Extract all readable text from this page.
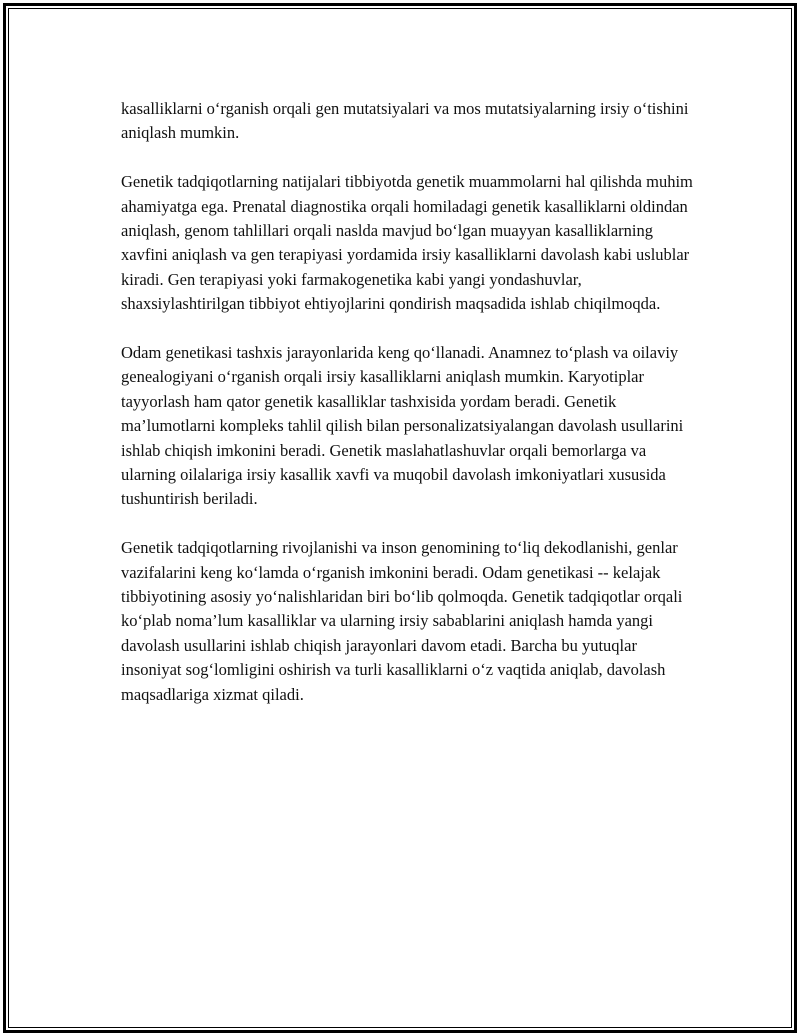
kasalliklarni o‘rganish orqali gen mutatsiyalari va mos mutatsiyalarning irsiy o‘tishini aniqlash mumkin.

Genetik tadqiqotlarning natijalari tibbiyotda genetik muammolarni hal qilishda muhim ahamiyatga ega. Prenatal diagnostika orqali homiladagi genetik kasalliklarni oldindan aniqlash, genom tahlillari orqali naslda mavjud bo‘lgan muayyan kasalliklarning xavfini aniqlash va gen terapiyasi yordamida irsiy kasalliklarni davolash kabi uslublar kiradi. Gen terapiyasi yoki farmakogenetika kabi yangi yondashuvlar, shaxsiylashtirilgan tibbiyot ehtiyojlarini qondirish maqsadida ishlab chiqilmoqda.

Odam genetikasi tashxis jarayonlarida keng qo‘llanadi. Anamnez to‘plash va oilaviy genealogiyani o‘rganish orqali irsiy kasalliklarni aniqlash mumkin. Karyotiplar tayyorlash ham qator genetik kasalliklar tashxisida yordam beradi. Genetik ma’lumotlarni kompleks tahlil qilish bilan personalizatsiyalangan davolash usullarini ishlab chiqish imkonini beradi. Genetik maslahatlashuvlar orqali bemorlarga va ularning oilalariga irsiy kasallik xavfi va muqobil davolash imkoniyatlari xususida tushuntirish beriladi.

Genetik tadqiqotlarning rivojlanishi va inson genomining to‘liq dekodlanishi, genlar vazifalarini keng ko‘lamda o‘rganish imkonini beradi. Odam genetikasi -- kelajak tibbiyotining asosiy yo‘nalishlaridan biri bo‘lib qolmoqda. Genetik tadqiqotlar orqali ko‘plab noma’lum kasalliklar va ularning irsiy sabablarini aniqlash hamda yangi davolash usullarini ishlab chiqish jarayonlari davom etadi. Barcha bu yutuqlar insoniyat sog‘lomligini oshirish va turli kasalliklarni o‘z vaqtida aniqlab, davolash maqsadlariga xizmat qiladi.
